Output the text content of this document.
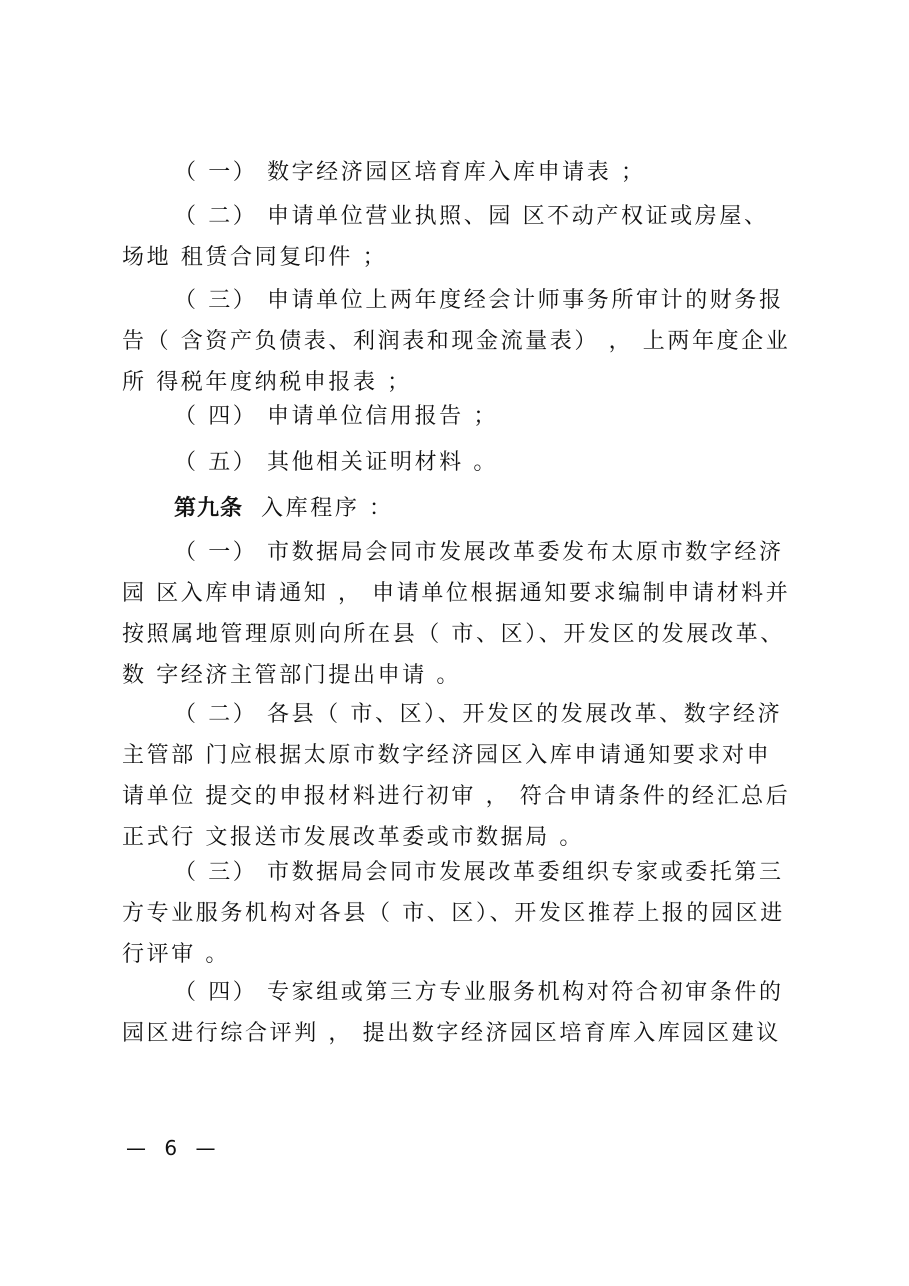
（ 一） 数字经济园区培育库入库申请表 ；

（ 二） 申请单位营业执照、园 区不动产权证或房屋、场地 租赁合同复印件 ；

（ 三） 申请单位上两年度经会计师事务所审计的财务报 告（ 含资产负债表、利润表和现金流量表） ， 上两年度企业所 得税年度纳税申报表 ；

（ 四） 申请单位信用报告 ；

（ 五） 其他相关证明材料 。

第九条 入库程序 ：

（ 一） 市数据局会同市发展改革委发布太原市数字经济 园 区入库申请通知 ， 申请单位根据通知要求编制申请材料并 按照属地管理原则向所在县（ 市、区）、开发区的发展改革、数 字经济主管部门提出申请 。

（ 二） 各县（ 市、区）、开发区的发展改革、数字经济主管部 门应根据太原市数字经济园区入库申请通知要求对申请单位 提交的申报材料进行初审 ， 符合申请条件的经汇总后正式行 文报送市发展改革委或市数据局 。

（ 三） 市数据局会同市发展改革委组织专家或委托第三 方专业服务机构对各县（ 市、区）、开发区推荐上报的园区进 行评审 。

（ 四） 专家组或第三方专业服务机构对符合初审条件的 园区进行综合评判 ， 提出数字经济园区培育库入库园区建议

— 6 —
